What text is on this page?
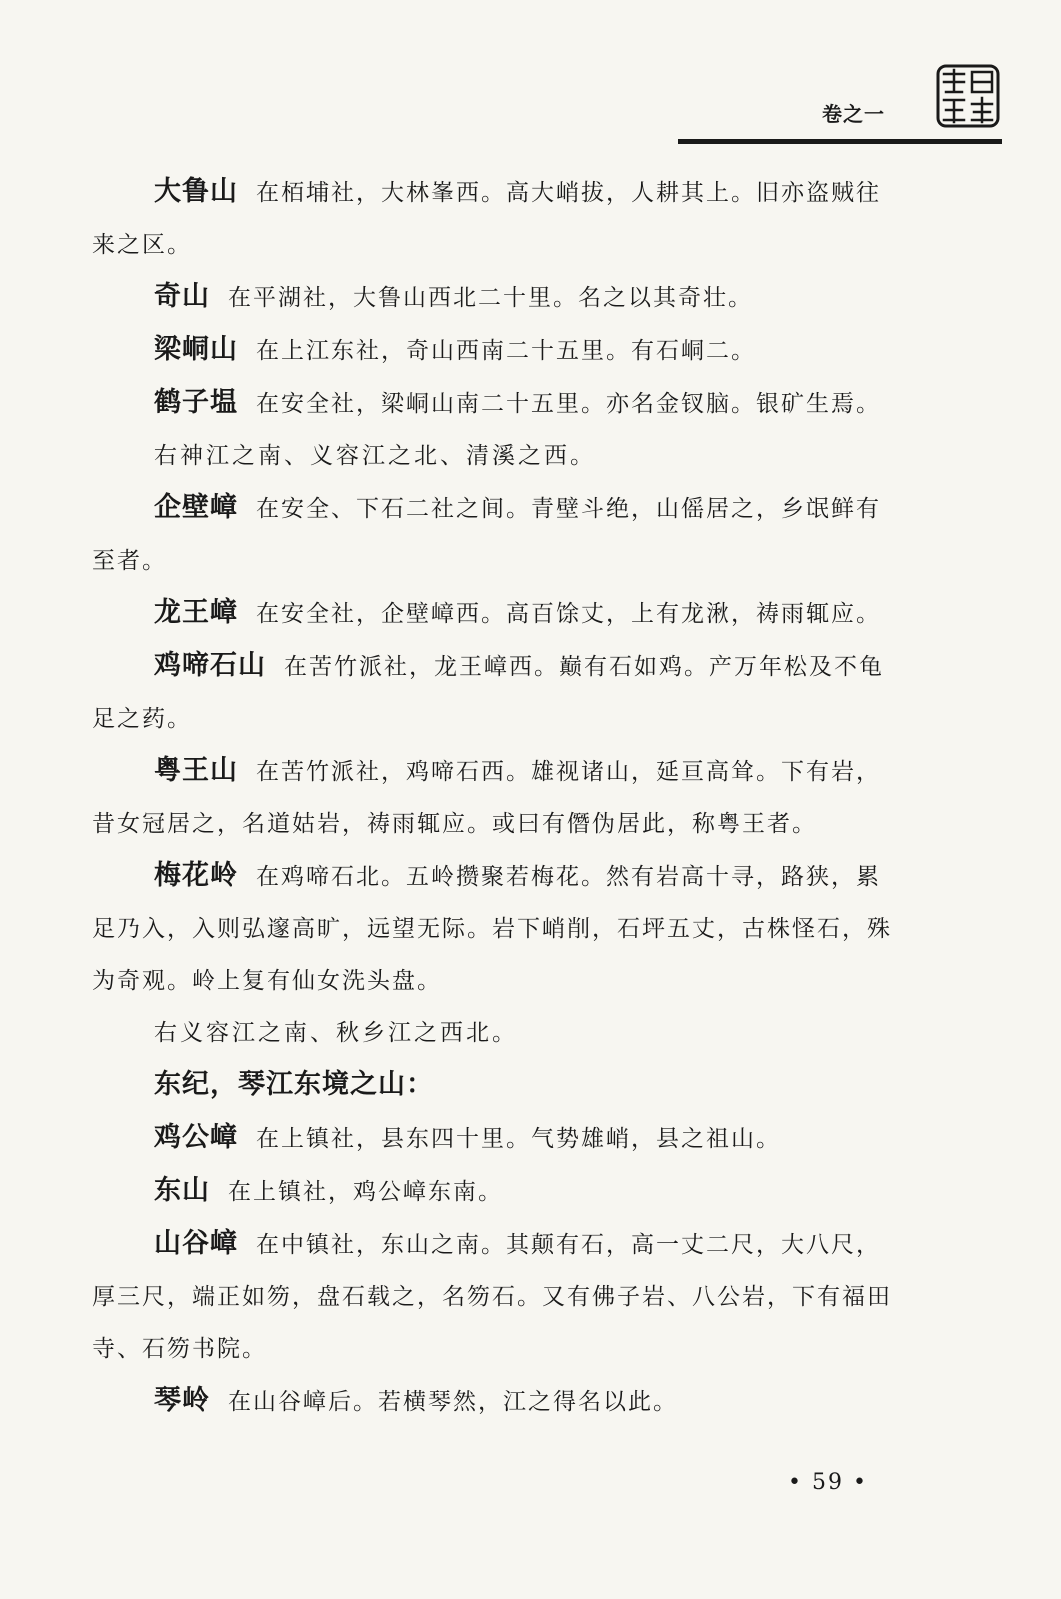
卷之一

大鲁山 在栢埔社，大林峯西。高大峭拔，人耕其上。旧亦盗贼往来之区。

奇山 在平湖社，大鲁山西北二十里。名之以其奇壮。

梁峒山 在上江东社，奇山西南二十五里。有石峒二。

鹤子塭 在安全社，梁峒山南二十五里。亦名金钗脑。银矿生焉。

右神江之南、义容江之北、清溪之西。

企壁嶂 在安全、下石二社之间。青壁斗绝，山傜居之，乡氓鲜有至者。

龙王嶂 在安全社，企壁嶂西。高百馀丈，上有龙湫，祷雨辄应。

鸡啼石山 在苦竹派社，龙王嶂西。巅有石如鸡。产万年松及不龟足之药。

粤王山 在苦竹派社，鸡啼石西。雄视诸山，延亘高耸。下有岩，昔女冠居之，名道姑岩，祷雨辄应。或曰有僭伪居此，称粤王者。

梅花岭 在鸡啼石北。五岭攒聚若梅花。然有岩高十寻，路狭，累足乃入，入则弘邃高旷，远望无际。岩下峭削，石坪五丈，古株怪石，殊为奇观。岭上复有仙女洗头盘。

右义容江之南、秋乡江之西北。

东纪，琴江东境之山：

鸡公嶂 在上镇社，县东四十里。气势雄峭，县之祖山。

东山 在上镇社，鸡公嶂东南。

山谷嶂 在中镇社，东山之南。其颠有石，高一丈二尺，大八尺，厚三尺，端正如笏，盘石载之，名笏石。又有佛子岩、八公岩，下有福田寺、石笏书院。

琴岭 在山谷嶂后。若横琴然，江之得名以此。

• 59 •
